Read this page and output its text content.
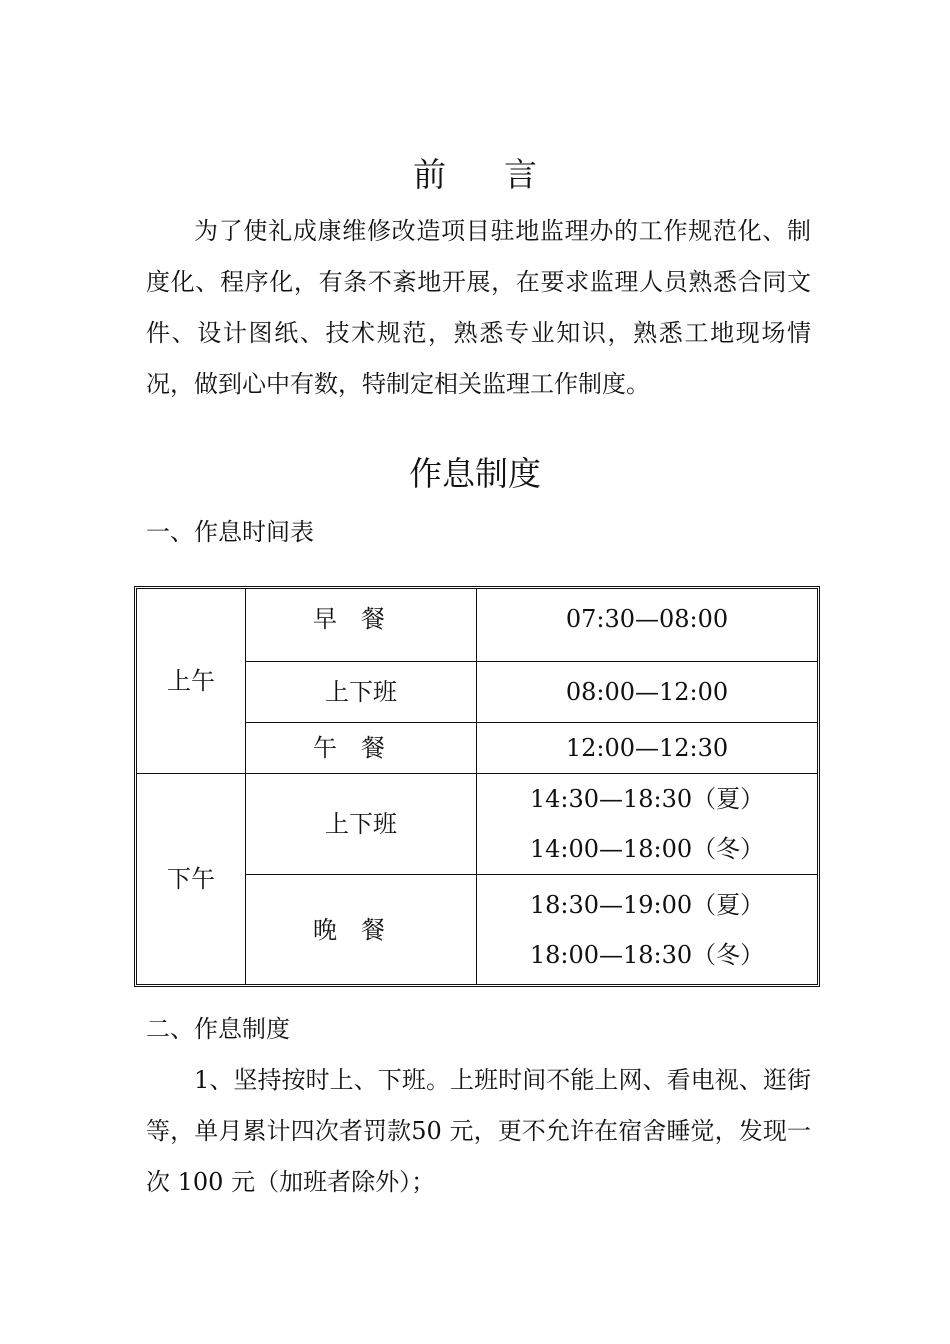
前言
为了使礼成康维修改造项目驻地监理办的工作规范化、制度化、程序化，有条不紊地开展，在要求监理人员熟悉合同文件、设计图纸、技术规范，熟悉专业知识，熟悉工地现场情况，做到心中有数，特制定相关监理工作制度。
作息制度
一、作息时间表
上午	早餐	07:30—08:00
	上下班	08:00—12:00
	午餐	12:00—12:30
下午	上下班	14:30—18:30（夏）
14:00—18:00（冬）

	晚餐	18:30—19:00（夏）
18:00—18:30（冬）
二、作息制度
1、坚持按时上、下班。上班时间不能上网、看电视、逛街等，单月累计四次者罚款50 元，更不允许在宿舍睡觉，发现一次 100 元（加班者除外）；
